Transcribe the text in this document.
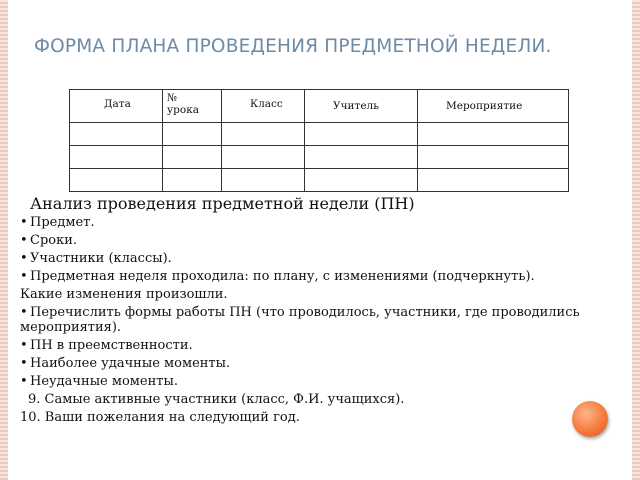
ФОРМА ПЛАНА ПРОВЕДЕНИЯ ПРЕДМЕТНОЙ НЕДЕЛИ.
Дата	№ урока	Класс	Учитель	Мероприятие

Анализ проведения предметной недели (ПН)
• Предмет.
• Сроки.
• Участники (классы).
• Предметная неделя проходила: по плану, с изменениями (подчеркнуть).
Какие изменения произошли.
• Перечислить формы работы ПН (что проводилось, участники, где проводились мероприятия).
• ПН в преемственности.
• Наиболее удачные моменты.
• Неудачные моменты.
9. Самые активные участники (класс, Ф.И. учащихся).
10. Ваши пожелания на следующий год.
